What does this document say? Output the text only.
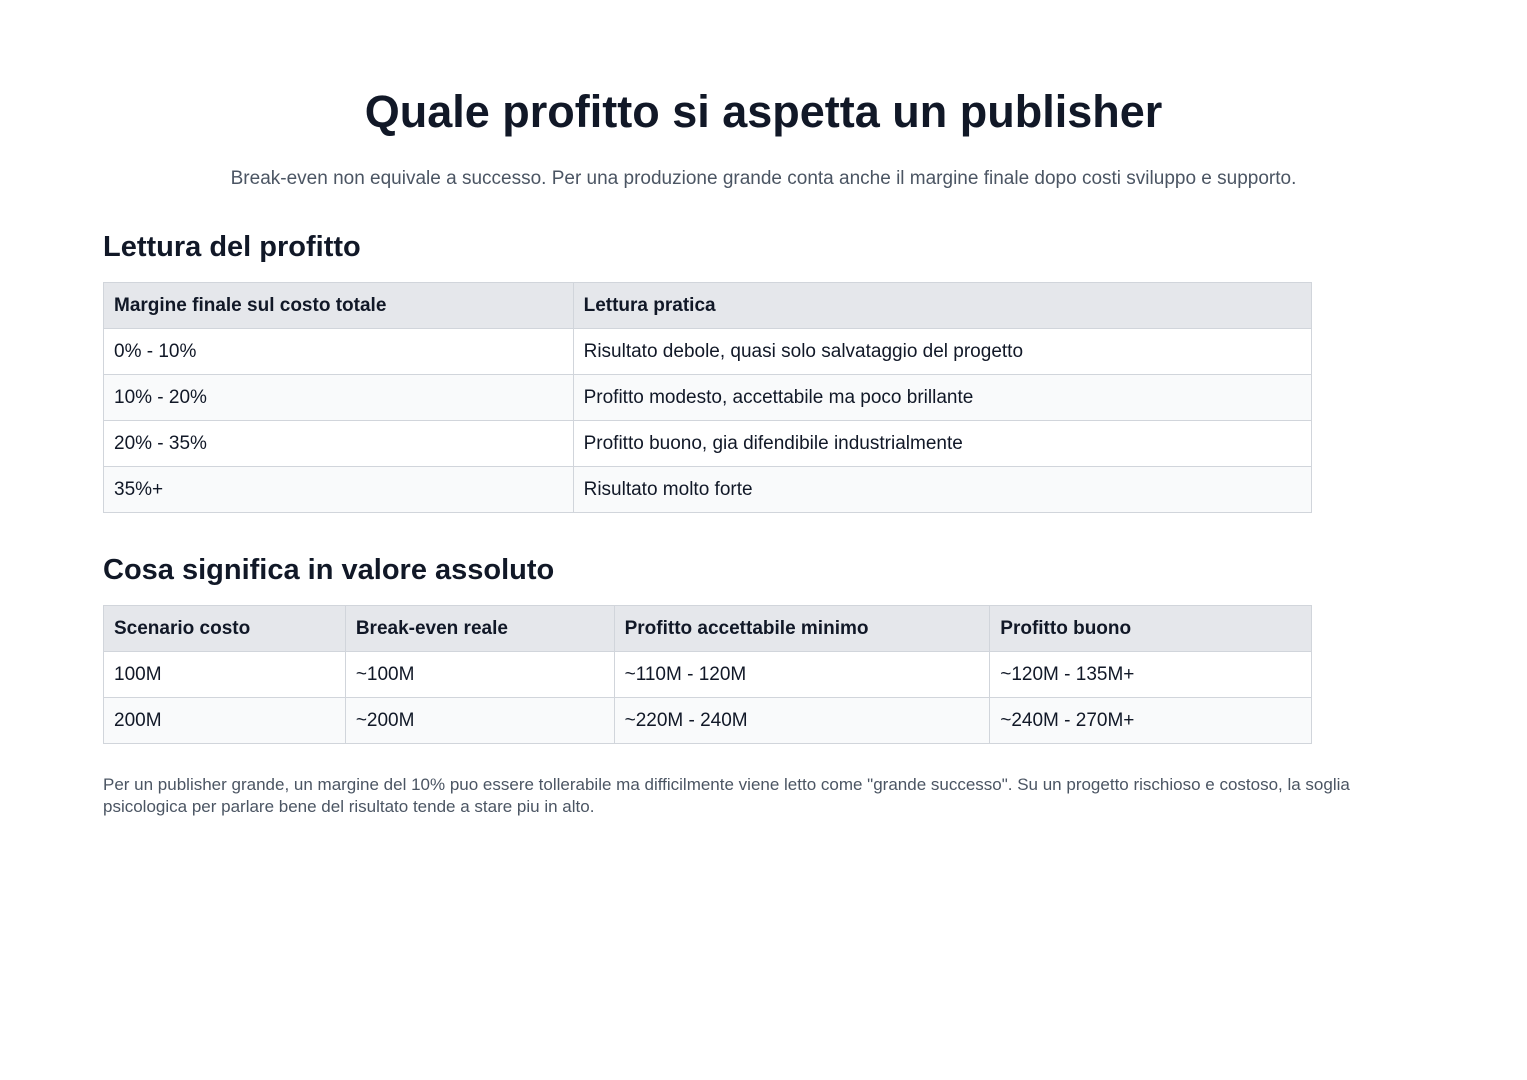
Quale profitto si aspetta un publisher

Break-even non equivale a successo. Per una produzione grande conta anche il margine finale dopo costi sviluppo e supporto.

Lettura del profitto
Margine finale sul costo totale	Lettura pratica
0% - 10%	Risultato debole, quasi solo salvataggio del progetto
10% - 20%	Profitto modesto, accettabile ma poco brillante
20% - 35%	Profitto buono, gia difendibile industrialmente
35%+	Risultato molto forte
Cosa significa in valore assoluto
Scenario costo	Break-even reale	Profitto accettabile minimo	Profitto buono
100M	~100M	~110M - 120M	~120M - 135M+
200M	~200M	~220M - 240M	~240M - 270M+

Per un publisher grande, un margine del 10% puo essere tollerabile ma difficilmente viene letto come "grande successo". Su un progetto rischioso e costoso, la soglia psicologica per parlare bene del risultato tende a stare piu in alto.
